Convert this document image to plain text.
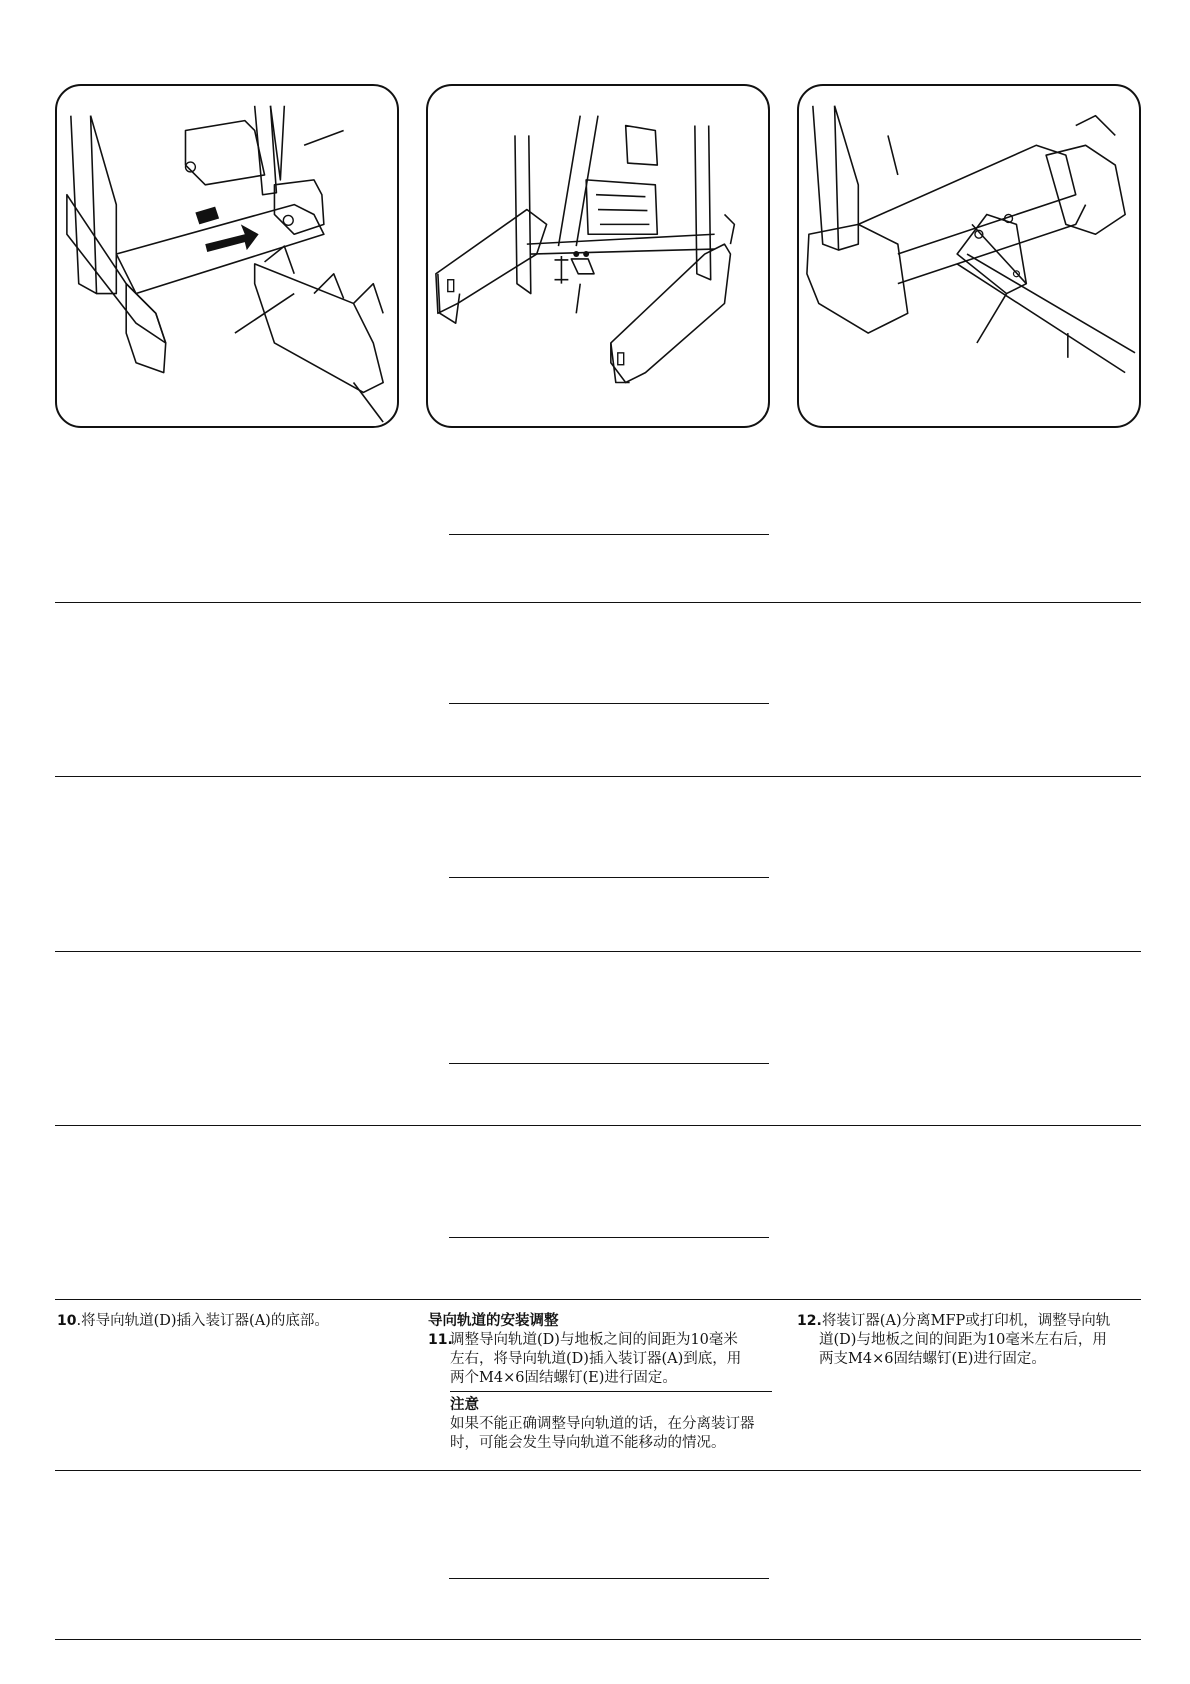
10.将导向轨道(D)插入装订器(A)的底部。	导向轨道的安装调整
11.
调整导向轨道(D)与地板之间的间距为10毫米
左右，将导向轨道(D)插入装订器(A)到底，用
两个M4×6固结螺钉(E)进行固定。
注意
如果不能正确调整导向轨道的话，在分离装订器
时，可能会发生导向轨道不能移动的情况。
12.将装订器(A)分离MFP或打印机，调整导向轨
道(D)与地板之间的间距为10毫米左右后，用
两支M4×6固结螺钉(E)进行固定。
